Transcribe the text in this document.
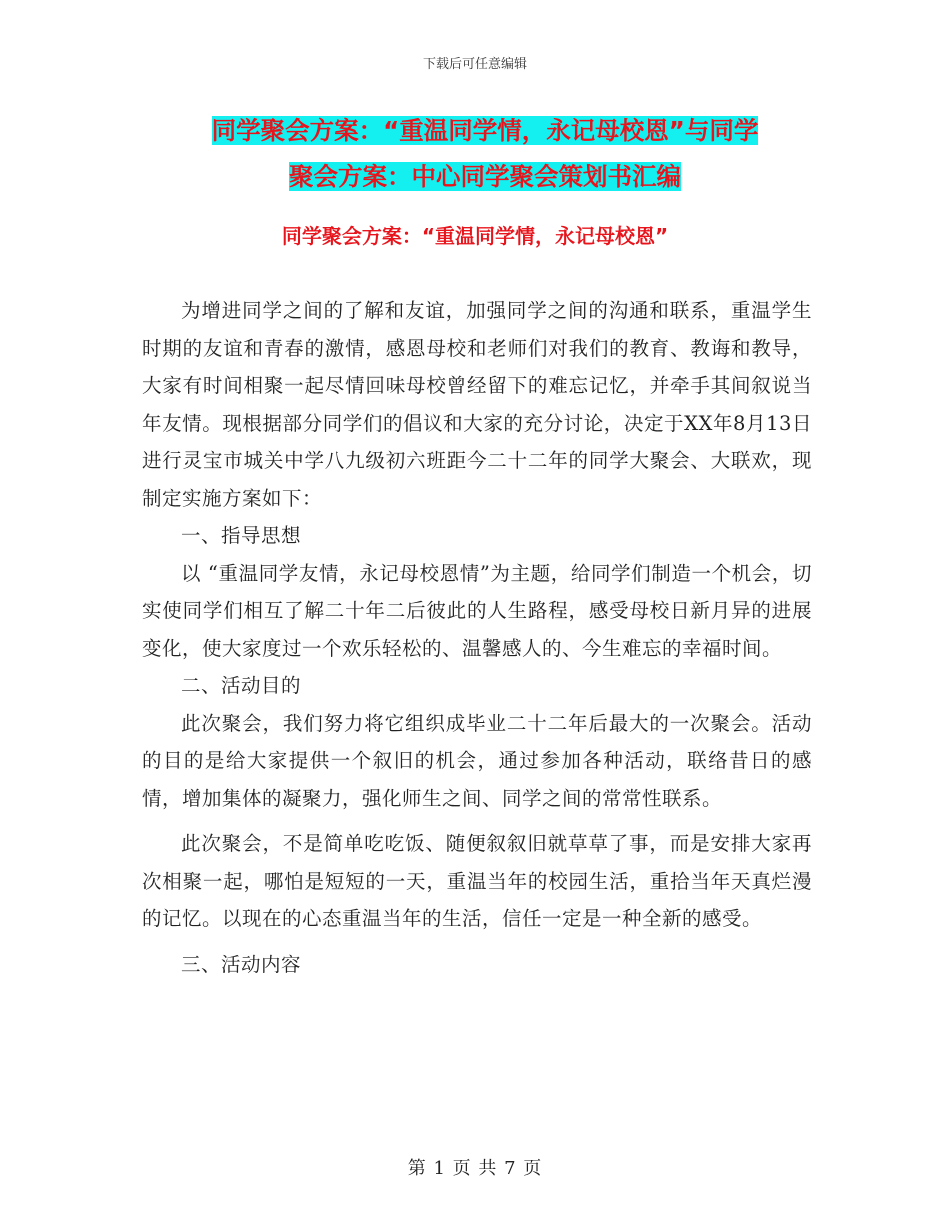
下载后可任意编辑
同学聚会方案：“重温同学情，永记母校恩”与同学
聚会方案：中心同学聚会策划书汇编
同学聚会方案：“重温同学情，永记母校恩”

为增进同学之间的了解和友谊，加强同学之间的沟通和联系，重温学生时期的友谊和青春的激情，感恩母校和老师们对我们的教育、教诲和教导，大家有时间相聚一起尽情回味母校曾经留下的难忘记忆，并牵手其间叙说当年友情。现根据部分同学们的倡议和大家的充分讨论，决定于XX年8月13日进行灵宝市城关中学八九级初六班距今二十二年的同学大聚会、大联欢，现制定实施方案如下：

一、指导思想

以 “重温同学友情，永记母校恩情”为主题，给同学们制造一个机会，切实使同学们相互了解二十年二后彼此的人生路程，感受母校日新月异的进展变化，使大家度过一个欢乐轻松的、温馨感人的、今生难忘的幸福时间。

二、活动目的

此次聚会，我们努力将它组织成毕业二十二年后最大的一次聚会。活动的目的是给大家提供一个叙旧的机会，通过参加各种活动，联络昔日的感情，增加集体的凝聚力，强化师生之间、同学之间的常常性联系。

此次聚会，不是简单吃吃饭、随便叙叙旧就草草了事，而是安排大家再次相聚一起，哪怕是短短的一天，重温当年的校园生活，重拾当年天真烂漫的记忆。以现在的心态重温当年的生活，信任一定是一种全新的感受。

三、活动内容

第 1 页 共 7 页
